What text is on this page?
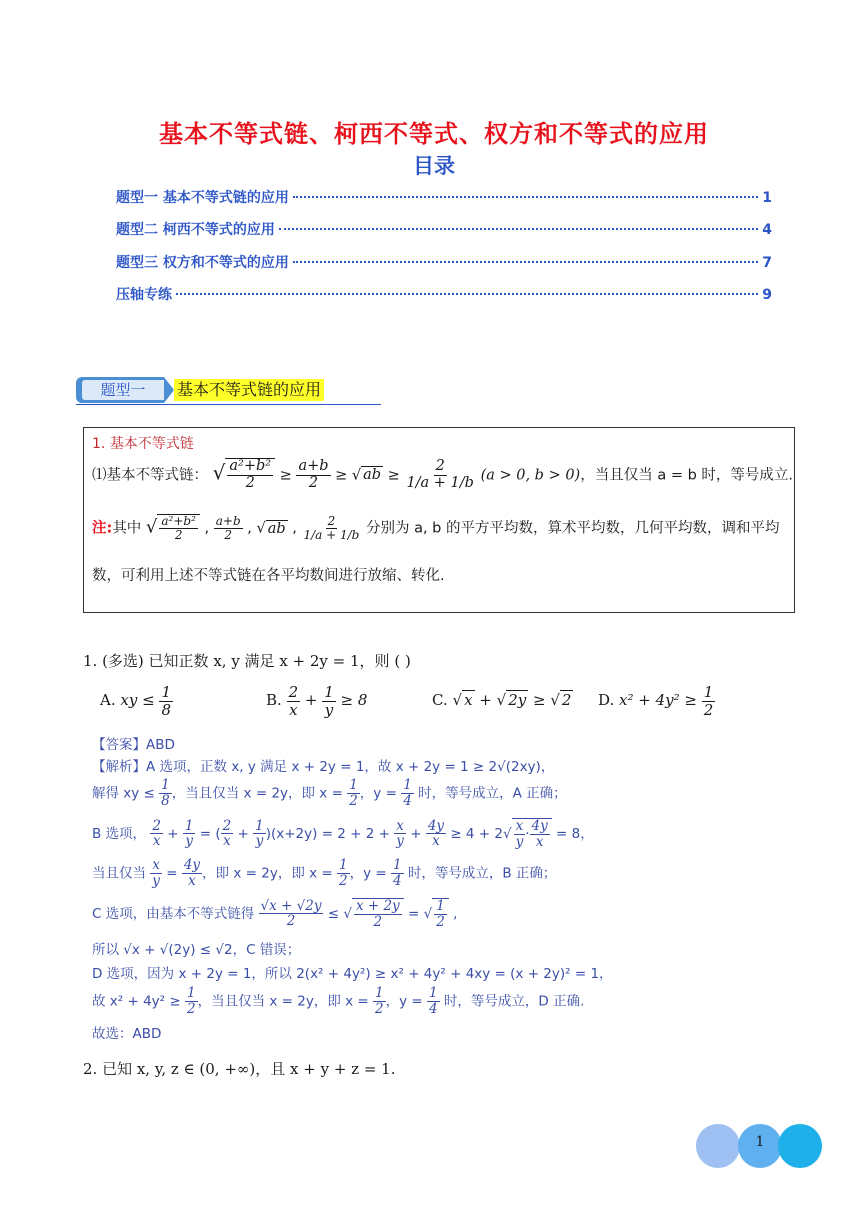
基本不等式链、柯西不等式、权方和不等式的应用
目录
题型一 基本不等式链的应用	1
题型二 柯西不等式的应用	4
题型三 权方和不等式的应用	7
压轴专练	9
题型一	基本不等式链的应用
1. 基本不等式链
⑴基本不等式链： √ $\frac{\text{a²+b²}}{2} \ge \frac{a+b}{2}$ ≥ √ ab ≥ $\frac{2}{1/a + 1/b} (a > 0$, b > 0)，当且仅当 a = b 时，等号成立.
注:其中 √ $\frac{\text{a²+b²}}{2}$ , $\frac{a+b}{2}$ , √ ab , $\frac{2}{1/a + 1/b}$ 分别为 a, b 的平方平均数，算术平均数，几何平均数，调和平均
数，可利用上述不等式链在各平均数间进行放缩、转化.
1. (多选) 已知正数 x, y 满足 x + 2y = 1，则 ( )
A. xy ≤ $\frac{1}{8}$	B. $\frac{2}{x} + \frac{1}{y} \ge 8$	C. √ x + √ 2y ≥ √ 2 D. $x^2 + 4y^2 \ge \frac{1}{2}$
【答案】ABD
【解析】A 选项，正数 x, y 满足 x + 2y = 1，故 x + 2y = 1 ≥ 2√(2xy)，
解得 xy ≤ $\frac{1}{8}$ ，当且仅当 x = 2y，即 $x = \frac{1}{2}$ ，$y = \frac{1}{4}$ 时，等号成立，A 正确；
B 选项， $\frac{2}{x} + \frac{1}{y}$ = ( $\frac{2}{x} + \frac{1}{y} )(x+2y) = 2 + 2 + \frac{x}{y} + \frac{4y}{x} \ge 4 + 2√ \frac{x}{y} \cdot \frac{4y}{x} = 8$，
当且仅当 $\frac{x}{y} = \frac{4y}{x}$ ，即 x = 2y，即 $x = \frac{1}{2}$ ，$y = \frac{1}{4}$ 时，等号成立，B 正确；
C 选项，由基本不等式链得 $\frac{√x + √2y}{2}$ ≤ √ $\frac{x + 2y}{2}$ = √ $\frac{1}{2}$ ,
所以 √x + √(2y) ≤ √2，C 错误；
D 选项，因为 x + 2y = 1，所以 2(x² + 4y²) ≥ x² + 4y² + 4xy = (x + 2y)² = 1，
故 $x^2 + 4y^2 \ge \frac{1}{2}$ ，当且仅当 x = 2y，即 $x = \frac{1}{2}$ ，$y = \frac{1}{4}$ 时，等号成立，D 正确.
故选：ABD
2. 已知 x, y, z ∈ (0, +∞)，且 x + y + z = 1.
1
